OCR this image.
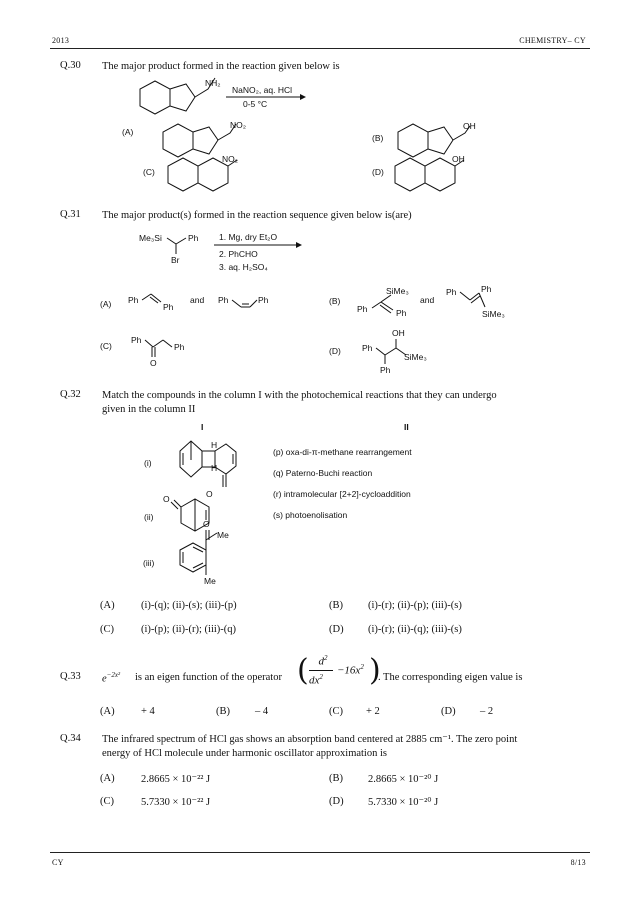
2013	CHEMISTRY– CY
Q.30 The major product formed in the reaction given below is
NH₂
NaNO₂, aq. HCl
0-5 °C
(A)
NO₂
(B)
OH
(C)
NO₂
(D)
OH
Me₃Si	Ph
Br
1. Mg, dry Et₂O
2. PhCHO
3. aq. H₂SO₄
(A) Ph
Ph
and Ph	Ph	(B)
Ph
SiMe₃
Ph
and
Ph	Ph
SiMe₃
(C)
Ph
Ph
O
(D)
OH
Ph
SiMe₃
Ph
H
H
O
O
O
Me
Me
Q.31 The major product(s) formed in the reaction sequence given below is(are)
Q.32 Match the compounds in the column I with the photochemical reactions that they can undergo
given in the column II
I	II
(i)
(ii)
(iii)
(p) oxa-di-π-methane rearrangement
(q) Paterno-Buchi reaction
(r) intramolecular [2+2]-cycloaddition
(s) photoenolisation
(A)	(i)-(q); (ii)-(s); (iii)-(p)	(B) (i)-(r); (ii)-(p); (iii)-(s)
(C)	(i)-(p); (ii)-(r); (iii)-(q)	(D) (i)-(r); (ii)-(q); (iii)-(s)
Q.33 $e^{-2x^2}$ is an eigen function of the operator ( $d^2$
$dx^2$
$-16x^2$ )
. The corresponding eigen value is
(A)	+ 4	(B) – 4	(C) + 2	(D) – 2
Q.34 The infrared spectrum of HCl gas shows an absorption band centered at 2885 cm⁻¹. The zero point
energy of HCl molecule under harmonic oscillator approximation is
(A)	2.8665 × 10⁻²² J	(B) 2.8665 × 10⁻²⁰ J
(C)	5.7330 × 10⁻²² J	(D) 5.7330 × 10⁻²⁰ J
CY	8/13
